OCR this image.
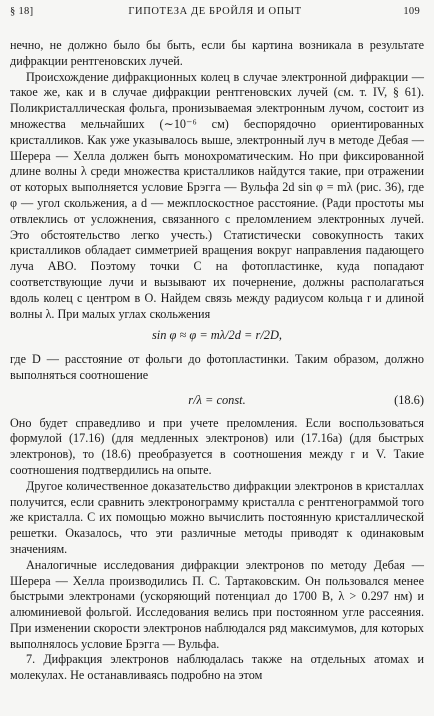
§ 18]	ГИПОТЕЗА ДЕ БРОЙЛЯ И ОПЫТ	109

нечно, не должно было бы быть, если бы картина возникала в результате дифракции рентгеновских лучей.

Происхождение дифракционных колец в случае электронной дифракции — такое же, как и в случае дифракции рентгеновских лучей (см. т. IV, § 61). Поликристаллическая фольга, пронизываемая электронным лучом, состоит из множества мельчайших (∼10⁻⁶ см) беспорядочно ориентированных кристалликов. Как уже указывалось выше, электронный луч в методе Дебая — Шерера — Хелла должен быть монохроматическим. Но при фиксированной длине волны λ среди множества кристалликов найдутся такие, при отражении от которых выполняется условие Брэгга — Вульфа 2d sin φ = mλ (рис. 36), где φ — угол скольжения, а d — межплоскостное расстояние. (Ради простоты мы отвлеклись от усложнения, связанного с преломлением электронных лучей. Это обстоятельство легко учесть.) Статистически совокупность таких кристалликов обладает симметрией вращения вокруг направления падающего луча ABO. Поэтому точки C на фотопластинке, куда попадают соответствующие лучи и вызывают их почернение, должны располагаться вдоль колец с центром в O. Найдем связь между радиусом кольца r и длиной волны λ. При малых углах скольжения

sin φ ≈ φ = mλ/2d = r/2D,

где D — расстояние от фольги до фотопластинки. Таким образом, должно выполняться соотношение

r/λ = const.	(18.6)

Оно будет справедливо и при учете преломления. Если воспользоваться формулой (17.16) (для медленных электронов) или (17.16а) (для быстрых электронов), то (18.6) преобразуется в соотношения между r и V. Такие соотношения подтвердились на опыте.

Другое количественное доказательство дифракции электронов в кристаллах получится, если сравнить электронограмму кристалла с рентгенограммой того же кристалла. С их помощью можно вычислить постоянную кристаллической решетки. Оказалось, что эти различные методы приводят к одинаковым значениям.

Аналогичные исследования дифракции электронов по методу Дебая — Шерера — Хелла производились П. С. Тартаковским. Он пользовался менее быстрыми электронами (ускоряющий потенциал до 1700 В, λ > 0.297 нм) и алюминиевой фольгой. Исследования велись при постоянном угле рассеяния. При изменении скорости электронов наблюдался ряд максимумов, для которых выполнялось условие Брэгга — Вульфа.

7. Дифракция электронов наблюдалась также на отдельных атомах и молекулах. Не останавливаясь подробно на этом
